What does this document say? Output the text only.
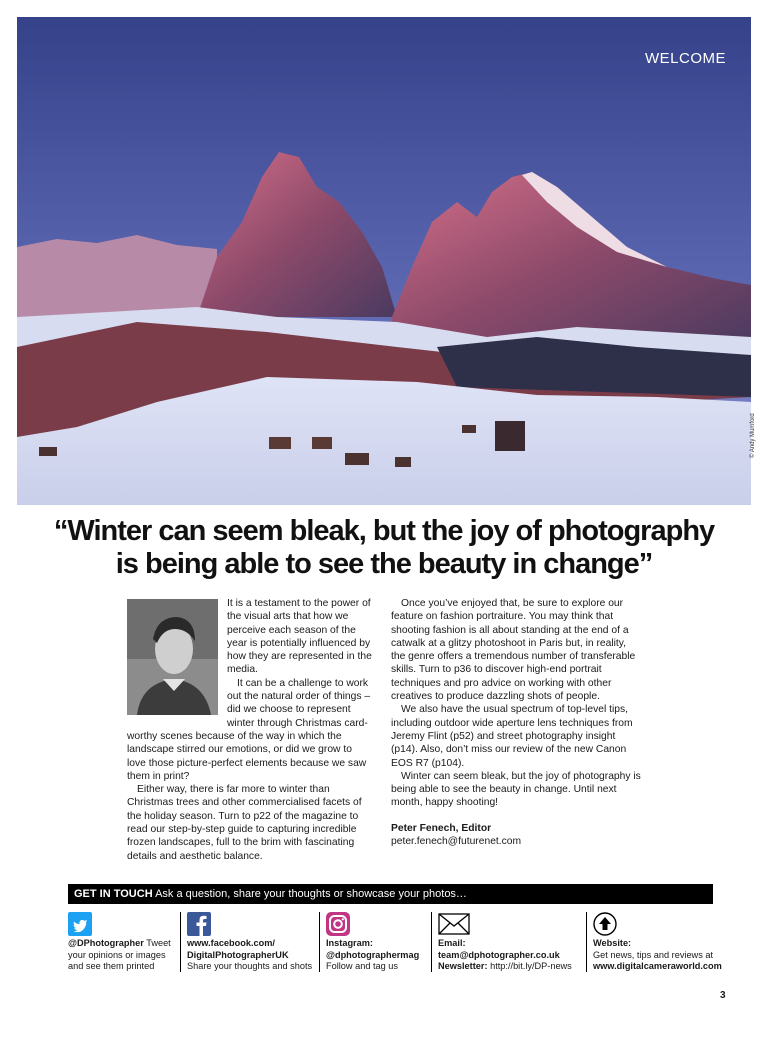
WELCOME
© Andy Mumford
“Winter can seem bleak, but the joy of photography is being able to see the beauty in change”

It is a testament to the power of the visual arts that how we perceive each season of the year is potentially influenced by how they are represented in the media.

It can be a challenge to work out the natural order of things – did we choose to represent winter through Christmas card-worthy scenes because of the way in which the landscape stirred our emotions, or did we grow to love those picture-perfect elements because we saw them in print?

Either way, there is far more to winter than Christmas trees and other commercialised facets of the holiday season. Turn to p22 of the magazine to read our step-by-step guide to capturing incredible frozen landscapes, full to the brim with fascinating details and aesthetic balance.

Once you’ve enjoyed that, be sure to explore our feature on fashion portraiture. You may think that shooting fashion is all about standing at the end of a catwalk at a glitzy photoshoot in Paris but, in reality, the genre offers a tremendous number of transferable skills. Turn to p36 to discover high-end portrait techniques and pro advice on working with other creatives to produce dazzling shots of people.

We also have the usual spectrum of top-level tips, including outdoor wide aperture lens techniques from Jeremy Flint (p52) and street photography insight (p14). Also, don’t miss our review of the new Canon EOS R7 (p104).

Winter can seem bleak, but the joy of photography is being able to see the beauty in change. Until next month, happy shooting!

Peter Fenech, Editor

peter.fenech@futurenet.com

GET IN TOUCH Ask a question, share your thoughts or showcase your photos…
@DPhotographer Tweet
your opinions or images
and see them printed
www.facebook.com/
DigitalPhotographerUK
Share your thoughts and shots
Instagram:
@dphotographermag
Follow and tag us
Email:
team@dphotographer.co.uk
Newsletter: http://bit.ly/DP-news
Website:
Get news, tips and reviews at
www.digitalcameraworld.com
3
